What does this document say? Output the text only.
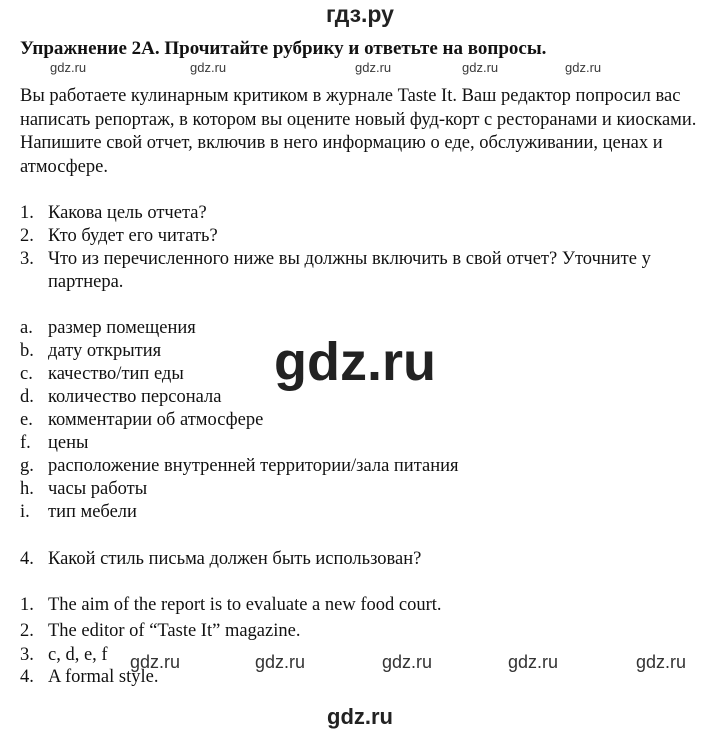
гдз.ру
Упражнение 2А. Прочитайте рубрику и ответьте на вопросы.
gdz.ru	gdz.ru	gdz.ru	gdz.ru	gdz.ru
Вы работаете кулинарным критиком в журнале Taste It. Ваш редактор попросил вас написать репортаж, в котором вы оцените новый фуд-корт с ресторанами и киосками. Напишите свой отчет, включив в него информацию о еде, обслуживании, ценах и атмосфере.
1. Какова цель отчета?
2. Кто будет его читать?
3. Что из перечисленного ниже вы должны включить в свой отчет? Уточните у
партнера.
a. размер помещения
b. дату открытия
c. качество/тип еды
d. количество персонала
e. комментарии об атмосфере
f. цены
g. расположение внутренней территории/зала питания
h. часы работы
i. тип мебели
gdz.ru
4. Какой стиль письма должен быть использован?
1. The aim of the report is to evaluate a new food court.
2. The editor of “Taste It” magazine.
3. c, d, e, f
4. A formal style.
gdz.ru	gdz.ru	gdz.ru	gdz.ru	gdz.ru
gdz.ru
